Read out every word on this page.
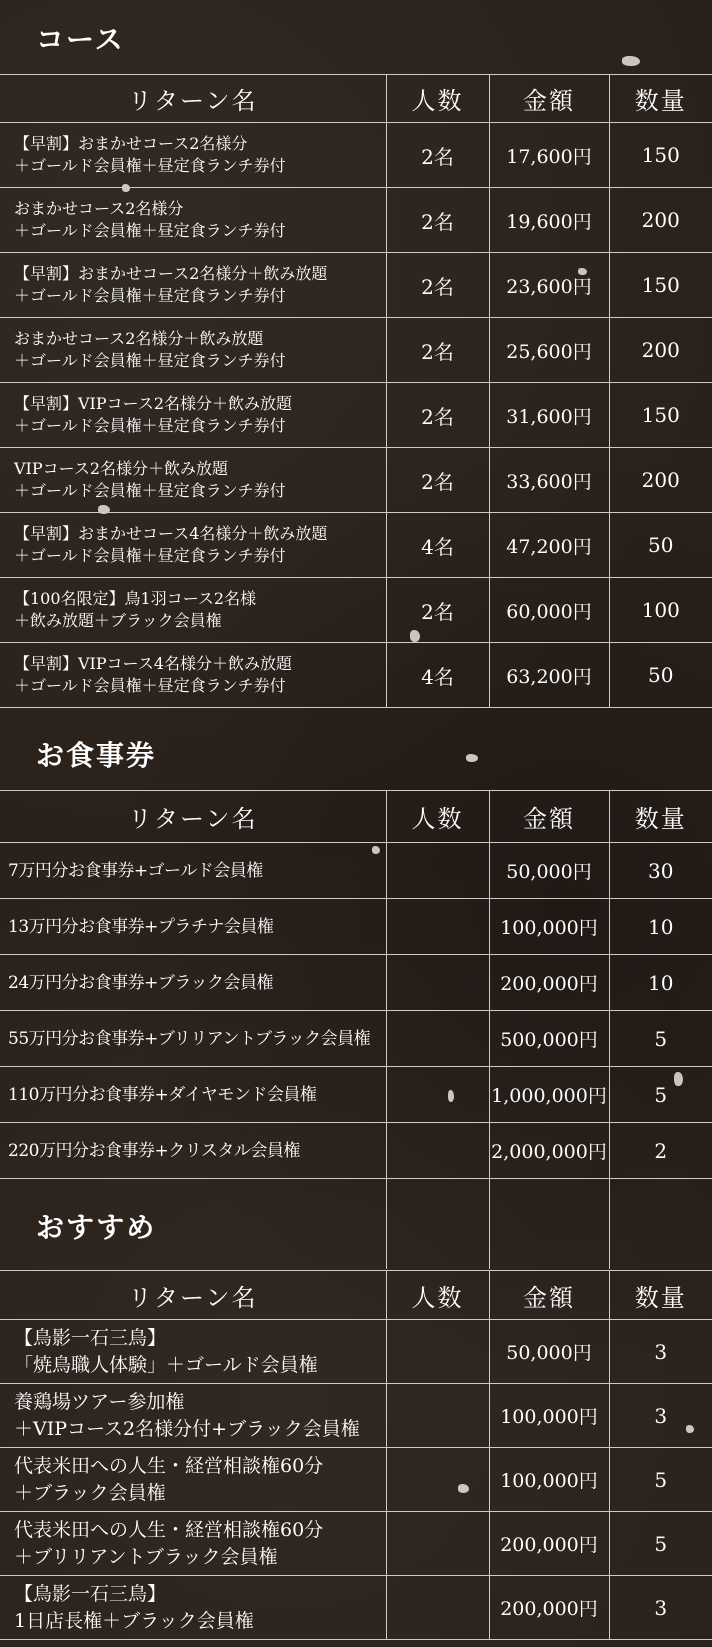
コース
リターン名	人数	金額	数量

【早割】おまかせコース2名様分
＋ゴールド会員権＋昼定食ランチ券付	2名	17,600円	150

おまかせコース2名様分
＋ゴールド会員権＋昼定食ランチ券付	2名	19,600円	200

【早割】おまかせコース2名様分＋飲み放題
＋ゴールド会員権＋昼定食ランチ券付	2名	23,600円	150

おまかせコース2名様分＋飲み放題
＋ゴールド会員権＋昼定食ランチ券付	2名	25,600円	200

【早割】VIPコース2名様分＋飲み放題
＋ゴールド会員権＋昼定食ランチ券付	2名	31,600円	150

VIPコース2名様分＋飲み放題
＋ゴールド会員権＋昼定食ランチ券付	2名	33,600円	200

【早割】おまかせコース4名様分＋飲み放題
＋ゴールド会員権＋昼定食ランチ券付	4名	47,200円	50

【100名限定】鳥1羽コース2名様
＋飲み放題＋ブラック会員権	2名	60,000円	100

【早割】VIPコース4名様分＋飲み放題
＋ゴールド会員権＋昼定食ランチ券付	4名	63,200円	50
お食事券
リターン名	人数	金額	数量
7万円分お食事券+ゴールド会員権		50,000円	30
13万円分お食事券+プラチナ会員権		100,000円	10
24万円分お食事券+ブラック会員権		200,000円	10
55万円分お食事券+ブリリアントブラック会員権		500,000円	5
110万円分お食事券+ダイヤモンド会員権		1,000,000円	5
220万円分お食事券+クリスタル会員権		2,000,000円	2

おすすめ
リターン名	人数	金額	数量

【鳥影一石三鳥】
「焼鳥職人体験」＋ゴールド会員権		50,000円	3

養鶏場ツアー参加権
＋VIPコース2名様分付+ブラック会員権		100,000円	3

代表米田への人生・経営相談権60分
＋ブラック会員権		100,000円	5

代表米田への人生・経営相談権60分
＋ブリリアントブラック会員権		200,000円	5

【鳥影一石三鳥】
1日店長権＋ブラック会員権		200,000円	3
